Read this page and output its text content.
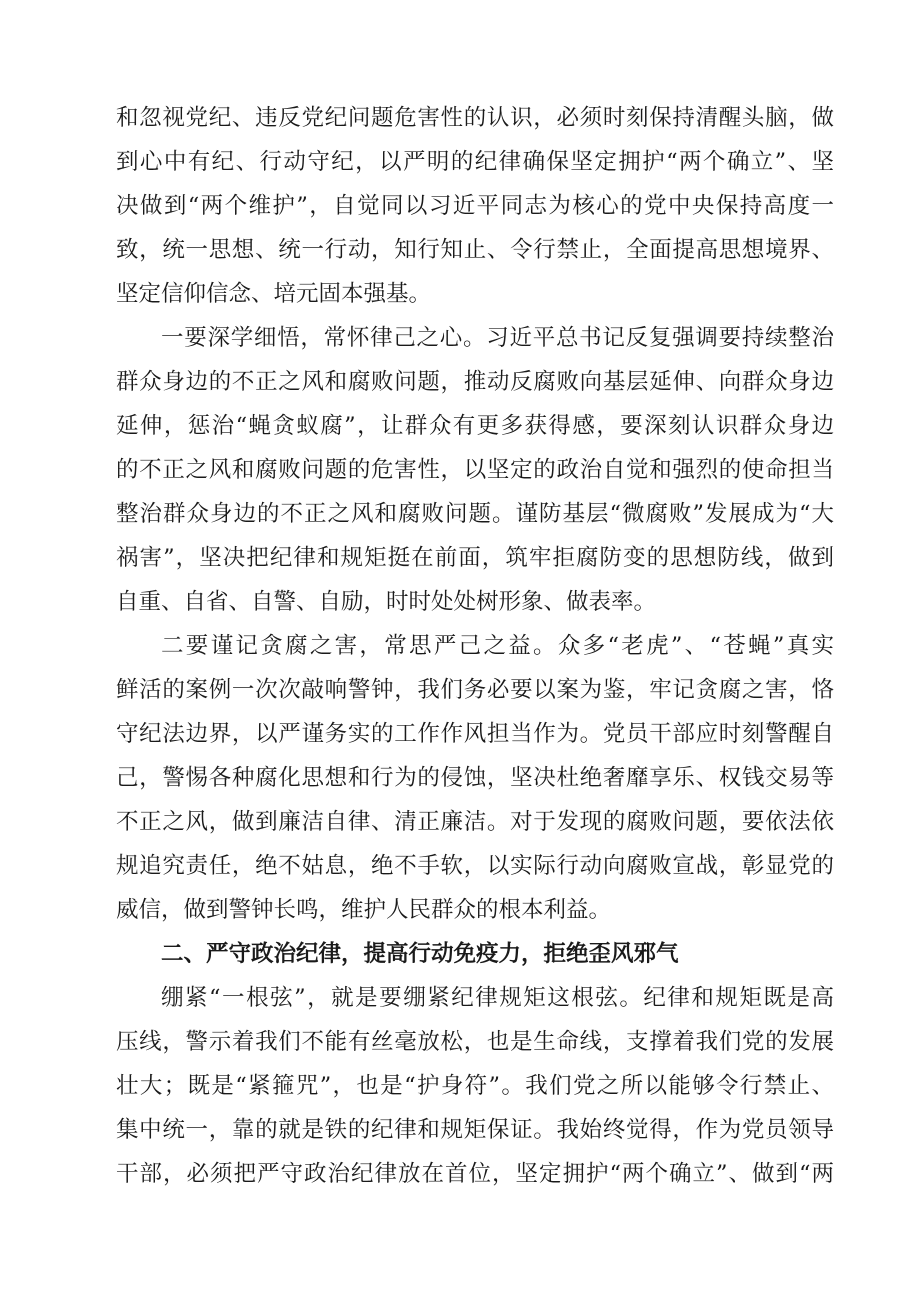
和忽视党纪、违反党纪问题危害性的认识，必须时刻保持清醒头脑，做
到心中有纪、行动守纪，以严明的纪律确保坚定拥护“两个确立”、坚
决做到“两个维护”，自觉同以习近平同志为核心的党中央保持高度一
致，统一思想、统一行动，知行知止、令行禁止，全面提高思想境界、
坚定信仰信念、培元固本强基。
一要深学细悟，常怀律己之心。习近平总书记反复强调要持续整治
群众身边的不正之风和腐败问题，推动反腐败向基层延伸、向群众身边
延伸，惩治“蝇贪蚁腐”，让群众有更多获得感，要深刻认识群众身边
的不正之风和腐败问题的危害性，以坚定的政治自觉和强烈的使命担当
整治群众身边的不正之风和腐败问题。谨防基层“微腐败”发展成为“大
祸害”，坚决把纪律和规矩挺在前面，筑牢拒腐防变的思想防线，做到
自重、自省、自警、自励，时时处处树形象、做表率。
二要谨记贪腐之害，常思严己之益。众多“老虎”、“苍蝇”真实
鲜活的案例一次次敲响警钟，我们务必要以案为鉴，牢记贪腐之害，恪
守纪法边界，以严谨务实的工作作风担当作为。党员干部应时刻警醒自
己，警惕各种腐化思想和行为的侵蚀，坚决杜绝奢靡享乐、权钱交易等
不正之风，做到廉洁自律、清正廉洁。对于发现的腐败问题，要依法依
规追究责任，绝不姑息，绝不手软，以实际行动向腐败宣战，彰显党的
威信，做到警钟长鸣，维护人民群众的根本利益。
二、严守政治纪律，提高行动免疫力，拒绝歪风邪气
绷紧“一根弦”，就是要绷紧纪律规矩这根弦。纪律和规矩既是高
压线，警示着我们不能有丝毫放松，也是生命线，支撑着我们党的发展
壮大；既是“紧箍咒”，也是“护身符”。我们党之所以能够令行禁止、
集中统一，靠的就是铁的纪律和规矩保证。我始终觉得，作为党员领导
干部，必须把严守政治纪律放在首位，坚定拥护“两个确立”、做到“两
